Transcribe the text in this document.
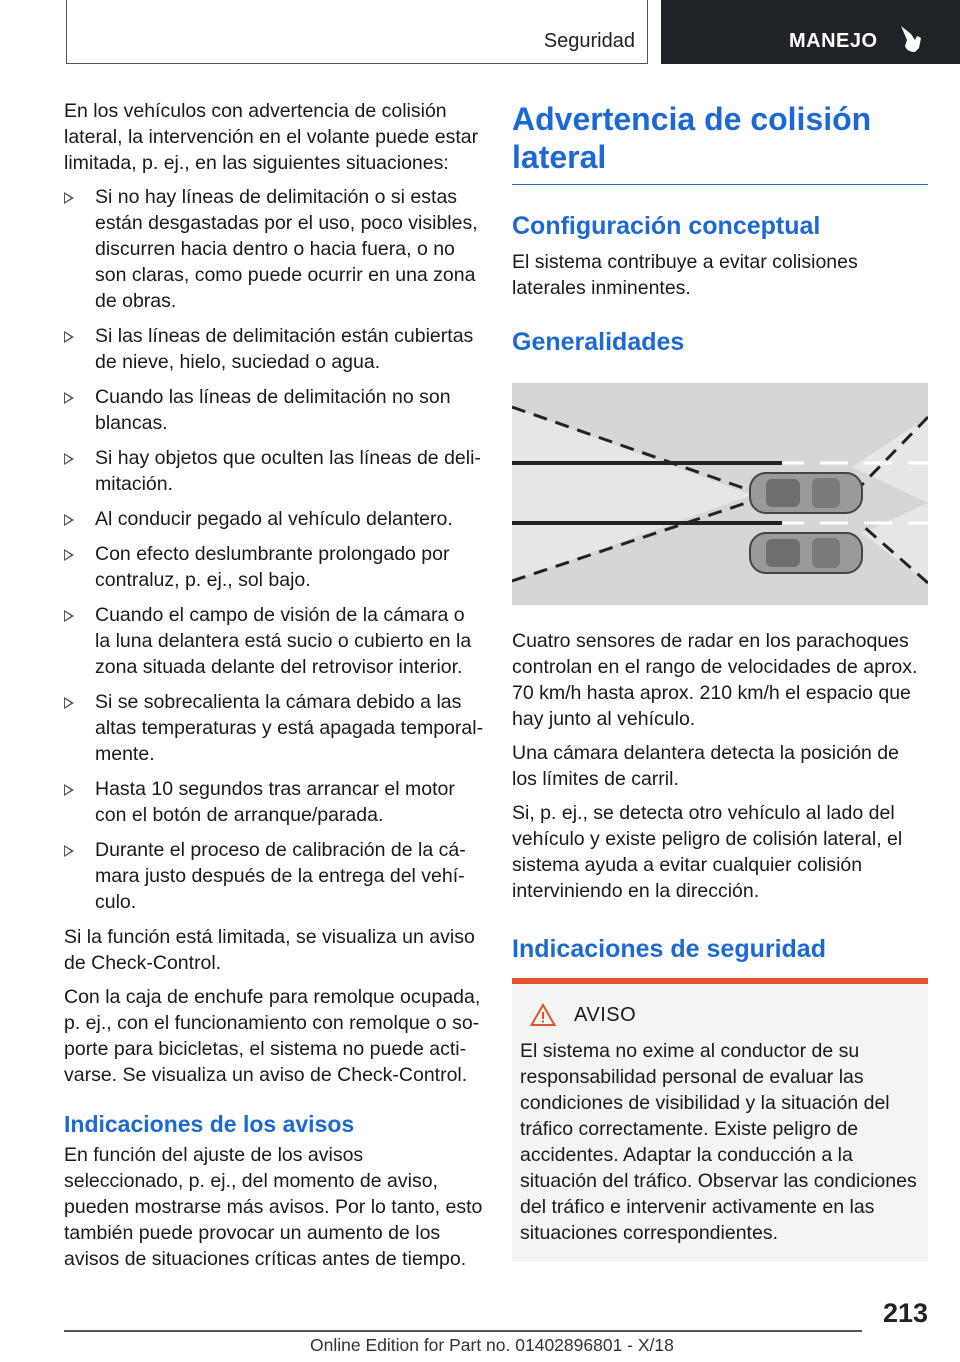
Seguridad	MANEJO

En los vehículos con advertencia de colisión lateral, la intervención en el volante puede estar limitada, p. ej., en las siguientes situaciones:

Si no hay líneas de delimitación o si estas están desgastadas por el uso, poco visibles, discurren hacia dentro o hacia fuera, o no son claras, como puede ocurrir en una zona de obras.
Si las líneas de delimitación están cubiertas de nieve, hielo, suciedad o agua.
Cuando las líneas de delimitación no son blancas.
Si hay objetos que oculten las líneas de delimitación.
Al conducir pegado al vehículo delantero.
Con efecto deslumbrante prolongado por contraluz, p. ej., sol bajo.
Cuando el campo de visión de la cámara o la luna delantera está sucio o cubierto en la zona situada delante del retrovisor interior.
Si se sobrecalienta la cámara debido a las altas temperaturas y está apagada temporalmente.
Hasta 10 segundos tras arrancar el motor con el botón de arranque/parada.
Durante el proceso de calibración de la cámara justo después de la entrega del vehículo.

Si la función está limitada, se visualiza un aviso de Check-Control.

Con la caja de enchufe para remolque ocupada, p. ej., con el funcionamiento con remolque o soporte para bicicletas, el sistema no puede activarse. Se visualiza un aviso de Check-Control.

Indicaciones de los avisos

En función del ajuste de los avisos seleccionado, p. ej., del momento de aviso, pueden mostrarse más avisos. Por lo tanto, esto también puede provocar un aumento de los avisos de situaciones críticas antes de tiempo.

Advertencia de colisión lateral
Configuración conceptual

El sistema contribuye a evitar colisiones laterales inminentes.

Generalidades

Cuatro sensores de radar en los parachoques controlan en el rango de velocidades de aprox. 70 km/h hasta aprox. 210 km/h el espacio que hay junto al vehículo.

Una cámara delantera detecta la posición de los límites de carril.

Si, p. ej., se detecta otro vehículo al lado del vehículo y existe peligro de colisión lateral, el sistema ayuda a evitar cualquier colisión interviniendo en la dirección.

Indicaciones de seguridad
AVISO

El sistema no exime al conductor de su responsabilidad personal de evaluar las condiciones de visibilidad y la situación del tráfico correctamente. Existe peligro de accidentes. Adaptar la conducción a la situación del tráfico. Observar las condiciones del tráfico e intervenir activamente en las situaciones correspondientes.

213
Online Edition for Part no. 01402896801 - X/18
